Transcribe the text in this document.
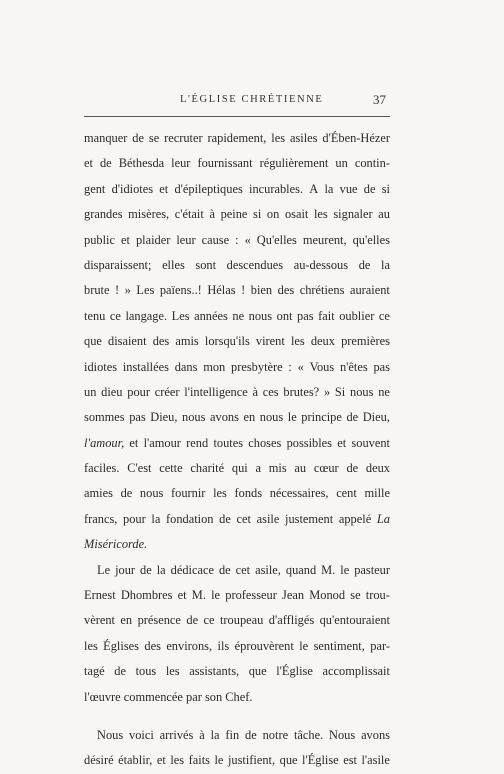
L'ÉGLISE CHRÉTIENNE	37
manquer de se recruter rapidement, les asiles d'Ében-Hézer
et de Béthesda leur fournissant régulièrement un contin-
gent d'idiotes et d'épileptiques incurables. A la vue de si
grandes misères, c'était à peine si on osait les signaler au
public et plaider leur cause : « Qu'elles meurent, qu'elles
disparaissent; elles sont descendues au-dessous de la
brute ! » Les païens..! Hélas ! bien des chrétiens auraient
tenu ce langage. Les années ne nous ont pas fait oublier ce
que disaient des amis lorsqu'ils virent les deux premières
idiotes installées dans mon presbytère : « Vous n'êtes pas
un dieu pour créer l'intelligence à ces brutes? » Si nous ne
sommes pas Dieu, nous avons en nous le principe de Dieu,
l'amour, et l'amour rend toutes choses possibles et souvent
faciles. C'est cette charité qui a mis au cœur de deux
amies de nous fournir les fonds nécessaires, cent mille
francs, pour la fondation de cet asile justement appelé La
Miséricorde.
Le jour de la dédicace de cet asile, quand M. le pasteur
Ernest Dhombres et M. le professeur Jean Monod se trou-
vèrent en présence de ce troupeau d'affligés qu'entouraient
les Églises des environs, ils éprouvèrent le sentiment, par-
tagé de tous les assistants, que l'Église accomplissait
l'œuvre commencée par son Chef.
Nous voici arrivés à la fin de notre tâche. Nous avons
désiré établir, et les faits le justifient, que l'Église est l'asile
